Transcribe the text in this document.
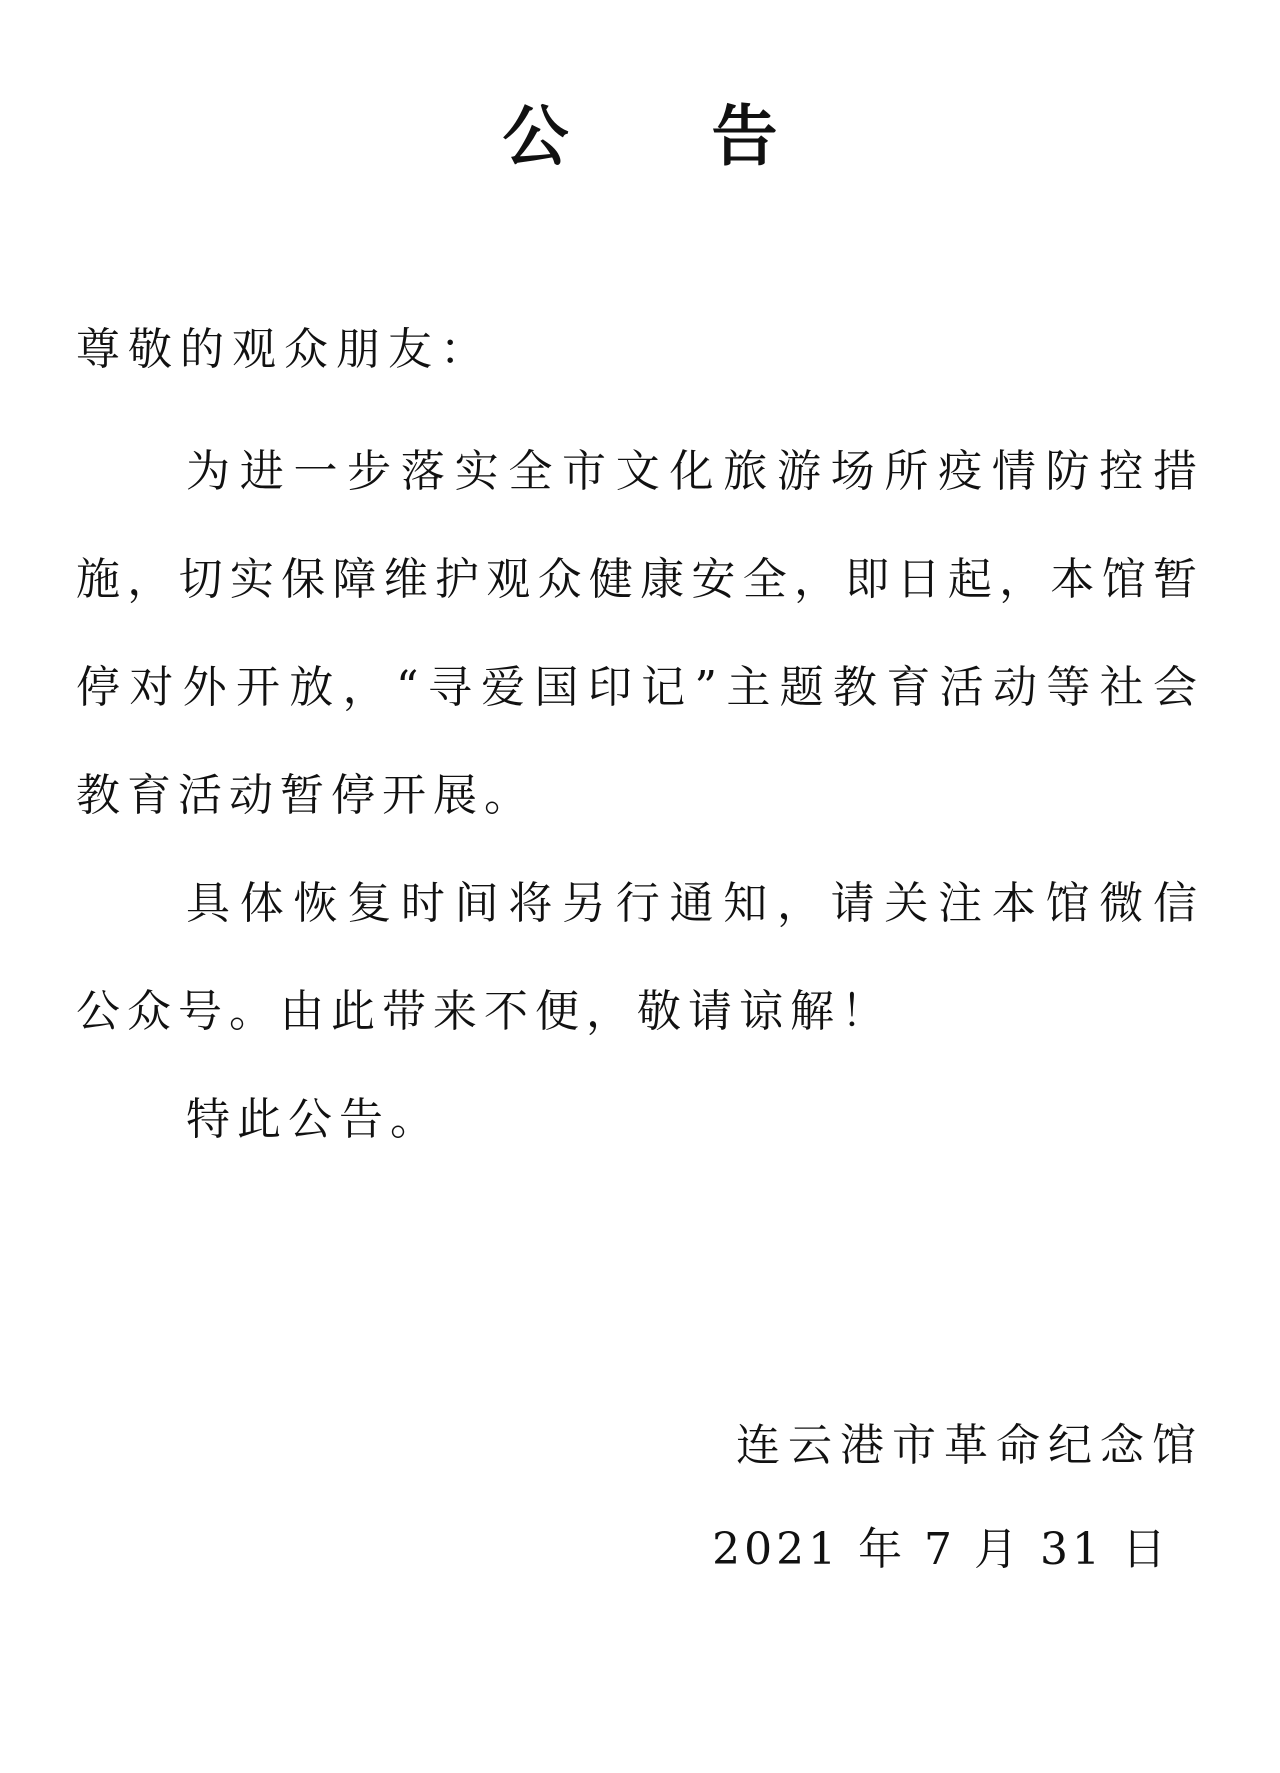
公 告
尊敬的观众朋友：

为进一步落实全市文化旅游场所疫情防控措施，切实保障维护观众健康安全，即日起，本馆暂停对外开放，“寻爱国印记”主题教育活动等社会教育活动暂停开展。

具体恢复时间将另行通知，请关注本馆微信公众号。由此带来不便，敬请谅解！

特此公告。

连云港市革命纪念馆
2021 年 7 月 31 日
